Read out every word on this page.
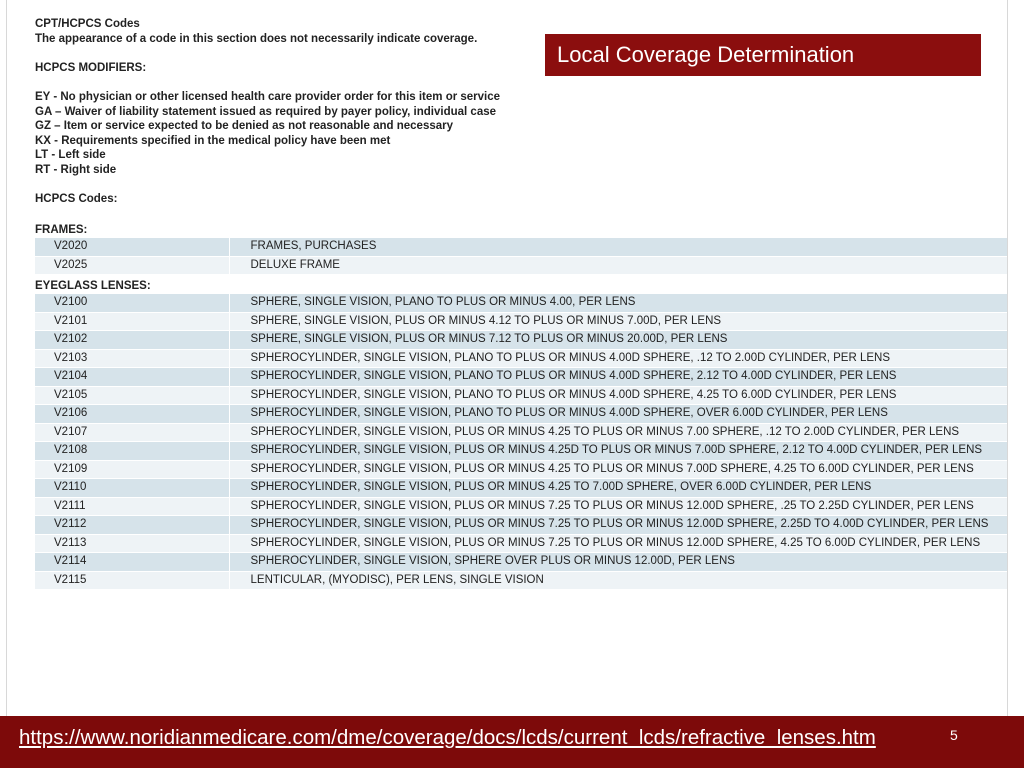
CPT/HCPCS Codes
The appearance of a code in this section does not necessarily indicate coverage.
HCPCS MODIFIERS:
EY - No physician or other licensed health care provider order for this item or service
GA – Waiver of liability statement issued as required by payer policy, individual case
GZ – Item or service expected to be denied as not reasonable and necessary
KX - Requirements specified in the medical policy have been met
LT - Left side
RT - Right side
HCPCS Codes:
FRAMES:
V2020	FRAMES, PURCHASES
V2025	DELUXE FRAME
EYEGLASS LENSES:
V2100	SPHERE, SINGLE VISION, PLANO TO PLUS OR MINUS 4.00, PER LENS
V2101	SPHERE, SINGLE VISION, PLUS OR MINUS 4.12 TO PLUS OR MINUS 7.00D, PER LENS
V2102	SPHERE, SINGLE VISION, PLUS OR MINUS 7.12 TO PLUS OR MINUS 20.00D, PER LENS
V2103	SPHEROCYLINDER, SINGLE VISION, PLANO TO PLUS OR MINUS 4.00D SPHERE, .12 TO 2.00D CYLINDER, PER LENS
V2104	SPHEROCYLINDER, SINGLE VISION, PLANO TO PLUS OR MINUS 4.00D SPHERE, 2.12 TO 4.00D CYLINDER, PER LENS
V2105	SPHEROCYLINDER, SINGLE VISION, PLANO TO PLUS OR MINUS 4.00D SPHERE, 4.25 TO 6.00D CYLINDER, PER LENS
V2106	SPHEROCYLINDER, SINGLE VISION, PLANO TO PLUS OR MINUS 4.00D SPHERE, OVER 6.00D CYLINDER, PER LENS
V2107	SPHEROCYLINDER, SINGLE VISION, PLUS OR MINUS 4.25 TO PLUS OR MINUS 7.00 SPHERE, .12 TO 2.00D CYLINDER, PER LENS
V2108	SPHEROCYLINDER, SINGLE VISION, PLUS OR MINUS 4.25D TO PLUS OR MINUS 7.00D SPHERE, 2.12 TO 4.00D CYLINDER, PER LENS
V2109	SPHEROCYLINDER, SINGLE VISION, PLUS OR MINUS 4.25 TO PLUS OR MINUS 7.00D SPHERE, 4.25 TO 6.00D CYLINDER, PER LENS
V2110	SPHEROCYLINDER, SINGLE VISION, PLUS OR MINUS 4.25 TO 7.00D SPHERE, OVER 6.00D CYLINDER, PER LENS
V2111	SPHEROCYLINDER, SINGLE VISION, PLUS OR MINUS 7.25 TO PLUS OR MINUS 12.00D SPHERE, .25 TO 2.25D CYLINDER, PER LENS
V2112	SPHEROCYLINDER, SINGLE VISION, PLUS OR MINUS 7.25 TO PLUS OR MINUS 12.00D SPHERE, 2.25D TO 4.00D CYLINDER, PER LENS
V2113	SPHEROCYLINDER, SINGLE VISION, PLUS OR MINUS 7.25 TO PLUS OR MINUS 12.00D SPHERE, 4.25 TO 6.00D CYLINDER, PER LENS
V2114	SPHEROCYLINDER, SINGLE VISION, SPHERE OVER PLUS OR MINUS 12.00D, PER LENS
V2115	LENTICULAR, (MYODISC), PER LENS, SINGLE VISION
Local Coverage Determination
https://www.noridianmedicare.com/dme/coverage/docs/lcds/current_lcds/refractive_lenses.htm	5
